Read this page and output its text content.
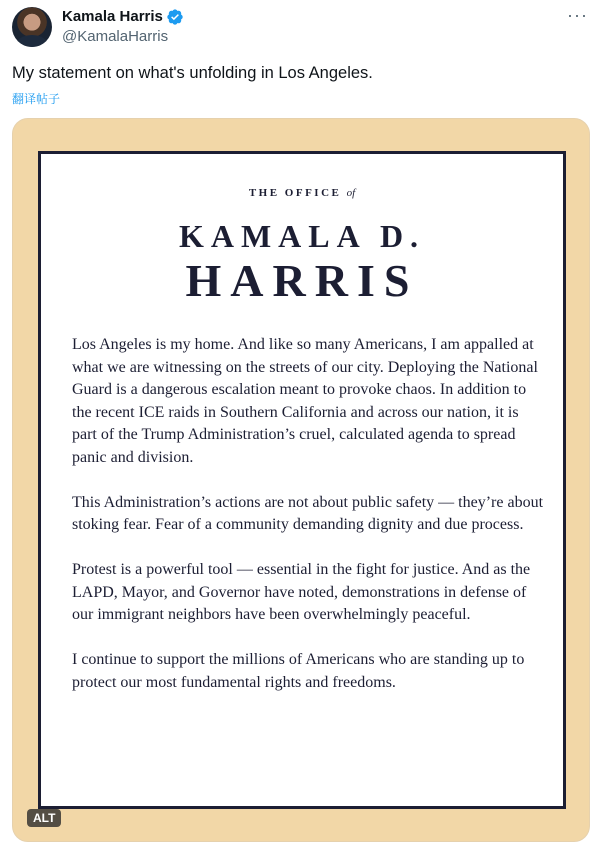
Kamala Harris
@KamalaHarris
···
My statement on what's unfolding in Los Angeles.
翻译帖子
THE OFFICE of
KAMALA D.
HARRIS

Los Angeles is my home. And like so many Americans, I am appalled at what we are witnessing on the streets of our city. Deploying the National Guard is a dangerous escalation meant to provoke chaos. In addition to the recent ICE raids in Southern California and across our nation, it is part of the Trump Administration’s cruel, calculated agenda to spread panic and division.

This Administration’s actions are not about public safety — they’re about stoking fear. Fear of a community demanding dignity and due process.

Protest is a powerful tool — essential in the fight for justice. And as the LAPD, Mayor, and Governor have noted, demonstrations in defense of our immigrant neighbors have been overwhelmingly peaceful.

I continue to support the millions of Americans who are standing up to protect our most fundamental rights and freedoms.

ALT
